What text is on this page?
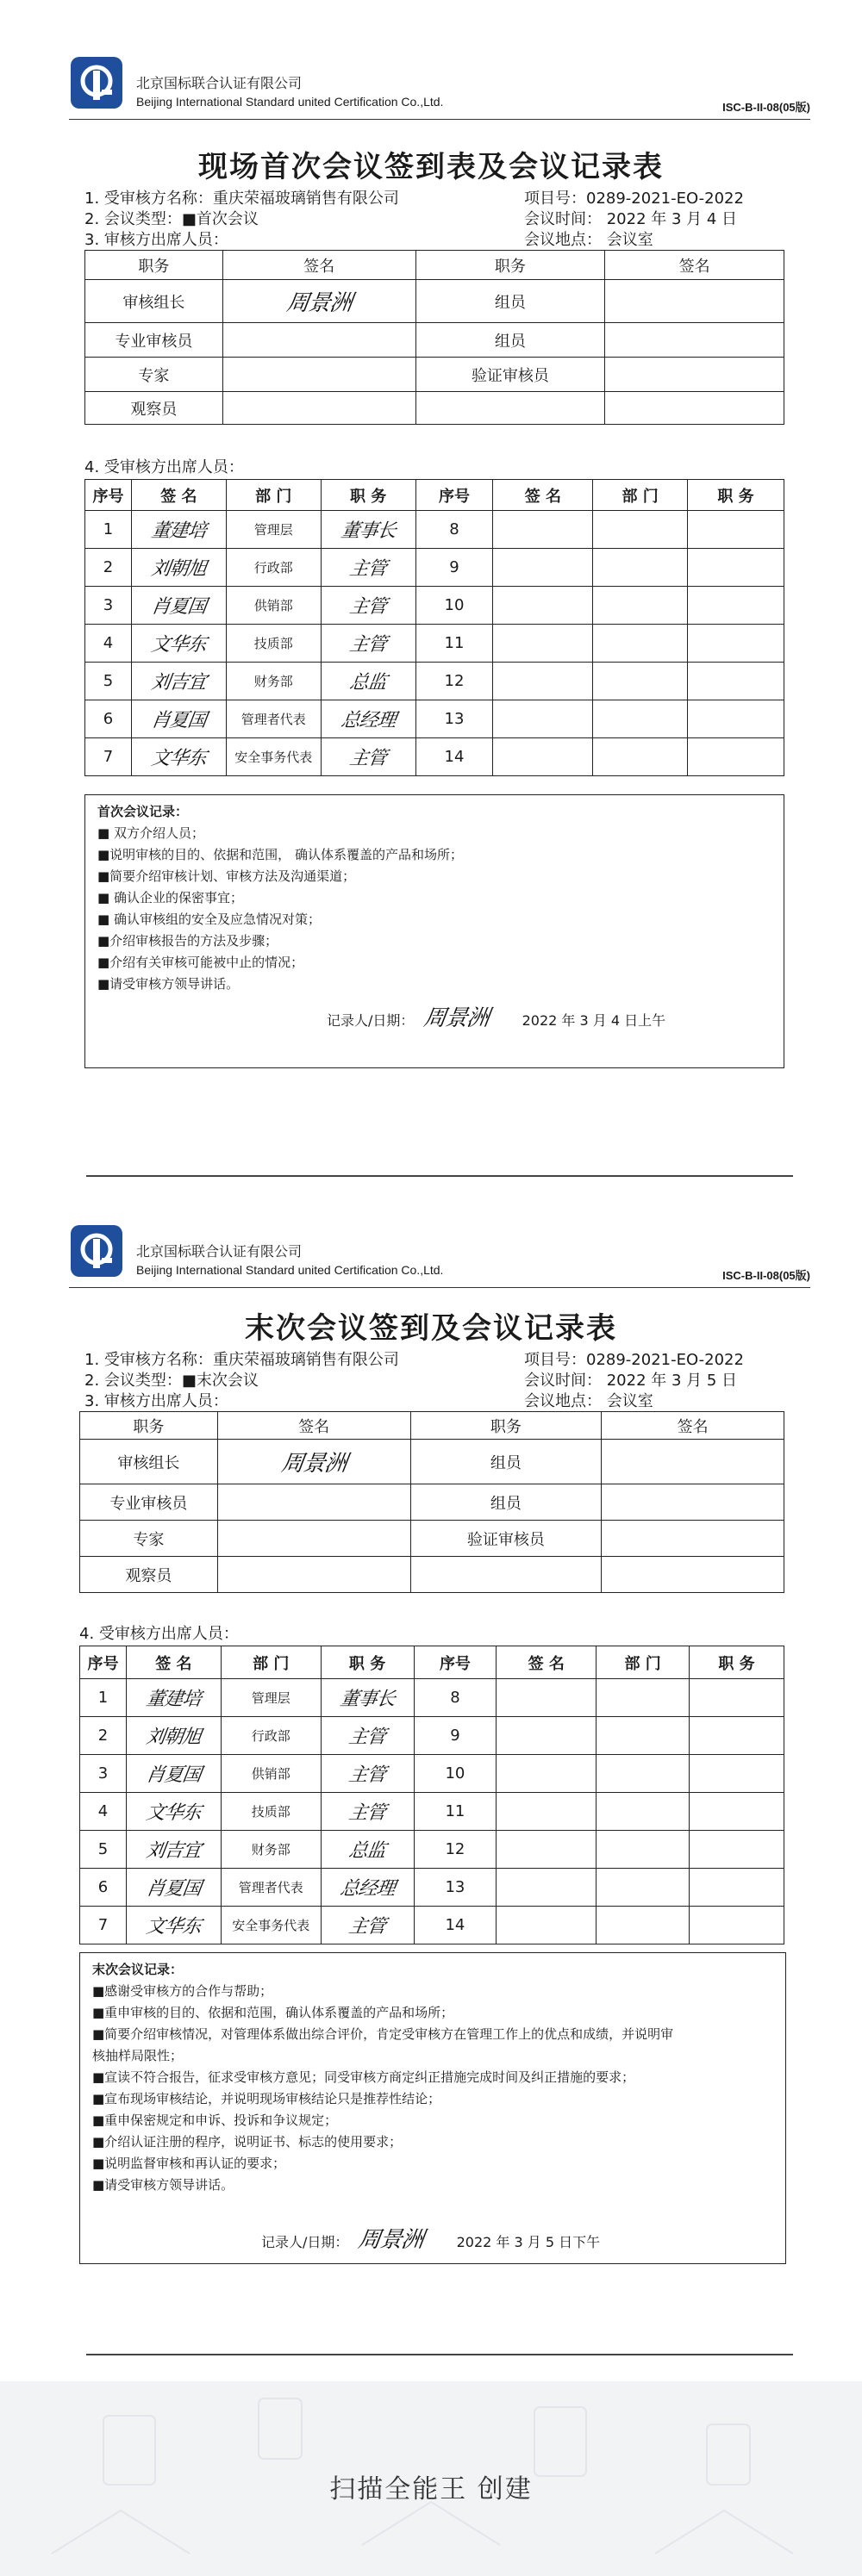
北京国标联合认证有限公司
Beijing International Standard united Certification Co.,Ltd.	ISC-B-II-08(05版)
现场首次会议签到表及会议记录表
1. 受审核方名称：重庆荣福玻璃销售有限公司	项目号：0289-2021-EO-2022
2. 会议类型：■首次会议	会议时间： 2022 年 3 月 4 日
3. 审核方出席人员：	会议地点： 会议室
职务	签名	职务	签名
审核组长	周景洲	组员	
专业审核员		组员	
专家		验证审核员	
观察员			
4. 受审核方出席人员：
序号	签 名	部 门	职 务	序号	签 名	部 门	职 务
1	董建培	管理层	董事长	8			
2	刘朝旭	行政部	主管	9			
3	肖夏国	供销部	主管	10			
4	文华东	技质部	主管	11			
5	刘吉宜	财务部	总监	12			
6	肖夏国	管理者代表	总经理	13			
7	文华东	安全事务代表	主管	14			
首次会议记录：
■ 双方介绍人员；
■说明审核的目的、依据和范围， 确认体系覆盖的产品和场所；
■简要介绍审核计划、审核方法及沟通渠道；
■ 确认企业的保密事宜；
■ 确认审核组的安全及应急情况对策；
■介绍审核报告的方法及步骤；
■介绍有关审核可能被中止的情况；
■请受审核方领导讲话。
记录人/日期： 周景洲 2022 年 3 月 4 日上午
北京国标联合认证有限公司
Beijing International Standard united Certification Co.,Ltd.	ISC-B-II-08(05版)
末次会议签到及会议记录表
1. 受审核方名称：重庆荣福玻璃销售有限公司	项目号：0289-2021-EO-2022
2. 会议类型：■末次会议	会议时间： 2022 年 3 月 5 日
3. 审核方出席人员：	会议地点： 会议室
职务	签名	职务	签名
审核组长	周景洲	组员	
专业审核员		组员	
专家		验证审核员	
观察员			
4. 受审核方出席人员：
序号	签 名	部 门	职 务	序号	签 名	部 门	职 务
1	董建培	管理层	董事长	8			
2	刘朝旭	行政部	主管	9			
3	肖夏国	供销部	主管	10			
4	文华东	技质部	主管	11			
5	刘吉宜	财务部	总监	12			
6	肖夏国	管理者代表	总经理	13			
7	文华东	安全事务代表	主管	14			
末次会议记录：
■感谢受审核方的合作与帮助；
■重申审核的目的、依据和范围，确认体系覆盖的产品和场所；
■简要介绍审核情况，对管理体系做出综合评价，肯定受审核方在管理工作上的优点和成绩，并说明审
核抽样局限性；
■宣读不符合报告，征求受审核方意见；同受审核方商定纠正措施完成时间及纠正措施的要求；
■宣布现场审核结论，并说明现场审核结论只是推荐性结论；
■重申保密规定和申诉、投诉和争议规定；
■介绍认证注册的程序，说明证书、标志的使用要求；
■说明监督审核和再认证的要求；
■请受审核方领导讲话。
记录人/日期： 周景洲 2022 年 3 月 5 日下午
扫描全能王 创建
